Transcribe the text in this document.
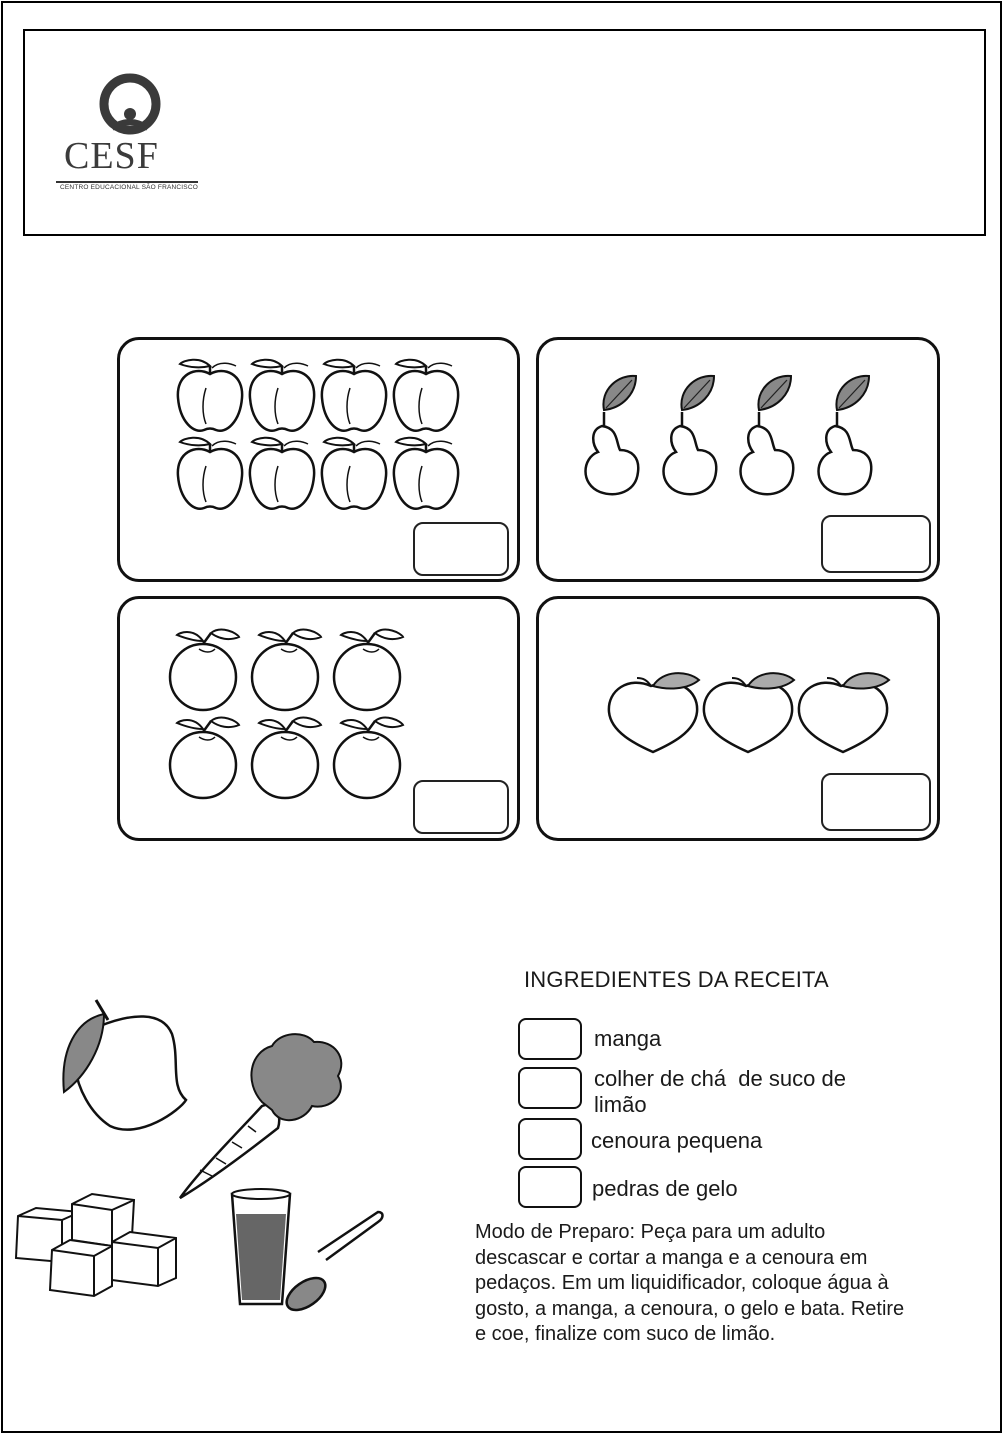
CESF
CENTRO EDUCACIONAL SÃO FRANCISCO
INGREDIENTES DA RECEITA
manga
colher de chá  de suco de limão
cenoura pequena
pedras de gelo
Modo de Preparo: Peça para um adulto descascar e cortar a manga e a cenoura em pedaços. Em um liquidificador, coloque água à gosto, a manga, a cenoura, o gelo e bata. Retire e coe, finalize com suco de limão.
